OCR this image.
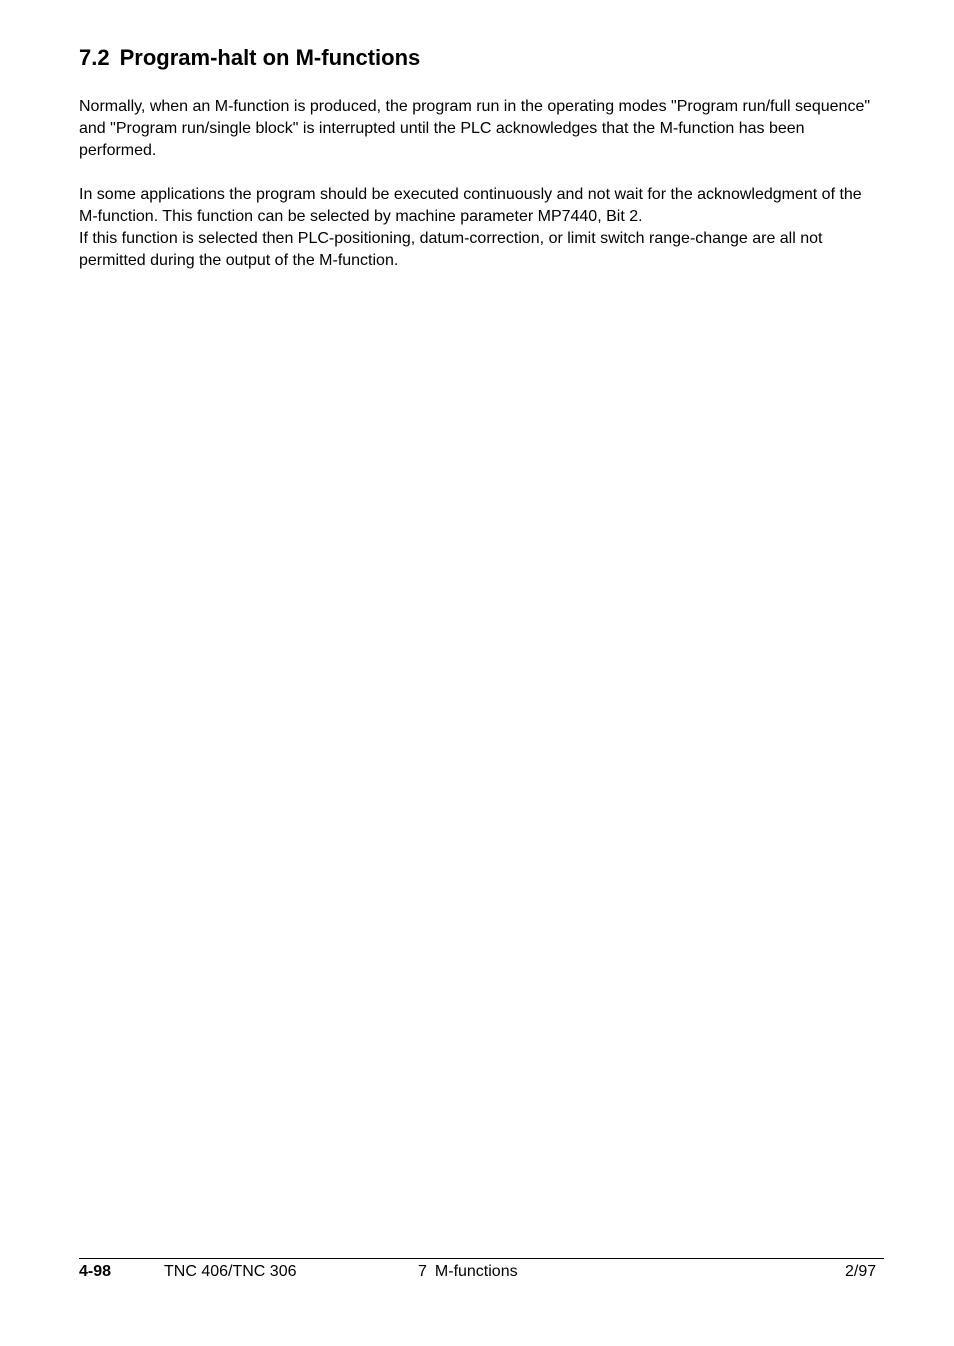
7.2 Program-halt on M-functions

Normally, when an M-function is produced, the program run in the operating modes "Program run/full sequence" and "Program run/single block" is interrupted until the PLC acknowledges that the M-function has been performed.

In some applications the program should be executed continuously and not wait for the acknowledgment of the M-function. This function can be selected by machine parameter MP7440, Bit 2.

If this function is selected then PLC-positioning, datum-correction, or limit switch range-change are all not permitted during the output of the M-function.

4-98	TNC 406/TNC 306	7 M-functions	2/97
